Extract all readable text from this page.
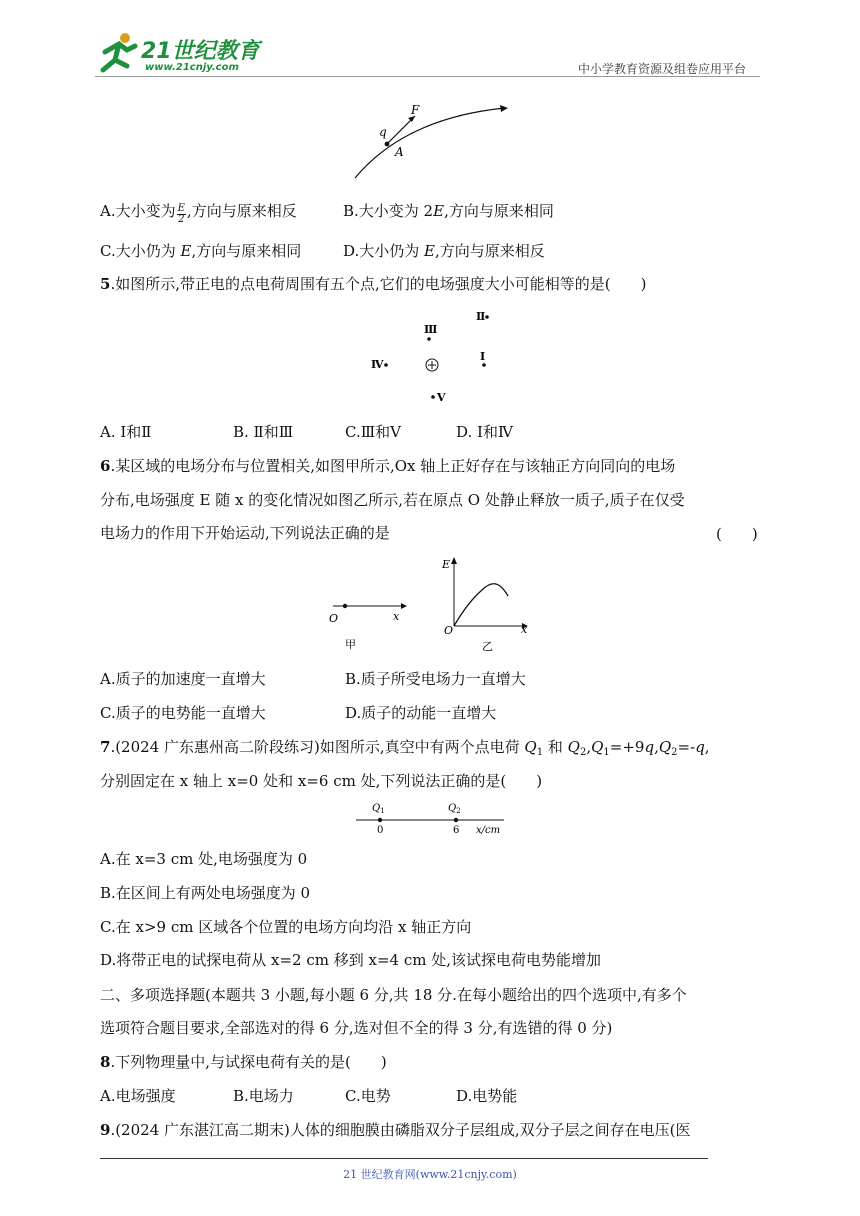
21世纪教育
www.21cnjy.com	中小学教育资源及组卷应用平台
F
q
A
A.大小变为 $\frac{E}{2}$ ,方向与原来相反	B.大小变为 2E,方向与原来相同
C.大小仍为 E,方向与原来相同	D.大小仍为 E,方向与原来相反
5.如图所示,带正电的点电荷周围有五个点,它们的电场强度大小可能相等的是(　　)
Ⅲ
Ⅱ
Ⅰ
Ⅳ
Ⅴ
A. Ⅰ和Ⅱ	B. Ⅱ和Ⅲ	C.Ⅲ和Ⅴ	D. Ⅰ和Ⅳ
6.某区域的电场分布与位置相关,如图甲所示,Ox 轴上正好存在与该轴正方向同向的电场
分布,电场强度 E 随 x 的变化情况如图乙所示,若在原点 O 处静止释放一质子,质子在仅受
电场力的作用下开始运动,下列说法正确的是	(　　)
O	x
甲
E
O	x
乙
A.质子的加速度一直增大	B.质子所受电场力一直增大
C.质子的电势能一直增大	D.质子的动能一直增大
7.(2024 广东惠州高二阶段练习)如图所示,真空中有两个点电荷 $Q_1$ 和 $Q_2,Q_1=+9q,Q_2=-q$,
分别固定在 x 轴上 x=0 处和 x=6 cm 处,下列说法正确的是(　　)
$Q_1$	$Q_2$
0	6 x/cm
A.在 x=3 cm 处,电场强度为 0
B.在区间上有两处电场强度为 0
C.在 x>9 cm 区域各个位置的电场方向均沿 x 轴正方向
D.将带正电的试探电荷从 x=2 cm 移到 x=4 cm 处,该试探电荷电势能增加
二、多项选择题(本题共 3 小题,每小题 6 分,共 18 分.在每小题给出的四个选项中,有多个
选项符合题目要求,全部选对的得 6 分,选对但不全的得 3 分,有选错的得 0 分)
8.下列物理量中,与试探电荷有关的是(　　)
A.电场强度	B.电场力	C.电势	D.电势能
9.(2024 广东湛江高二期末)人体的细胞膜由磷脂双分子层组成,双分子层之间存在电压(医
21 世纪教育网(www.21cnjy.com)
